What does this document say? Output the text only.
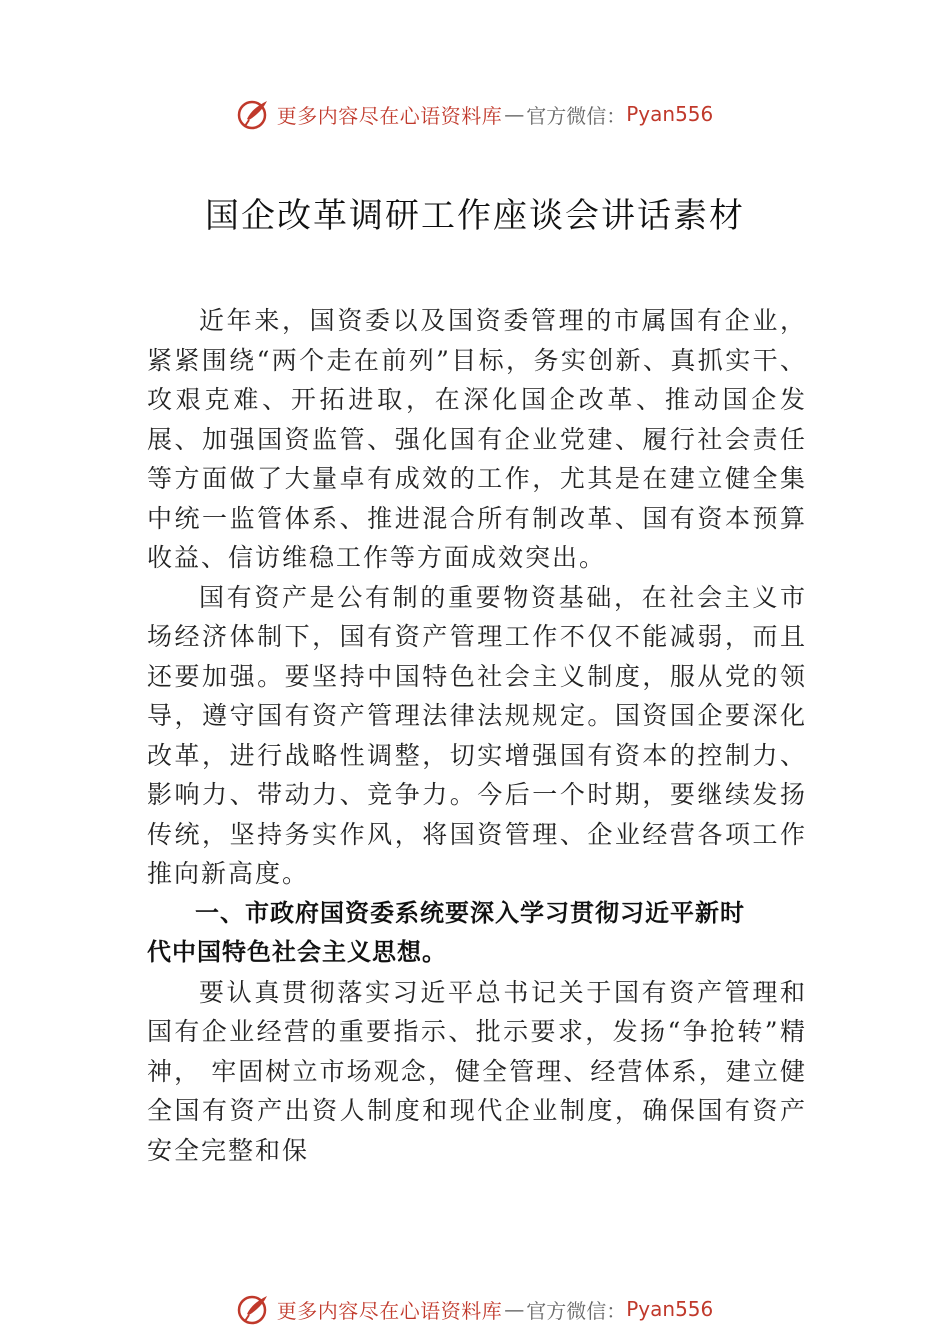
更多内容尽在心语资料库 — 官方微信： Pyan556
国企改革调研工作座谈会讲话素材

近年来，国资委以及国资委管理的市属国有企业，紧紧围绕“两个走在前列”目标，务实创新、真抓实干、攻艰克难、开拓进取，在深化国企改革、推动国企发展、加强国资监管、强化国有企业党建、履行社会责任等方面做了大量卓有成效的工作，尤其是在建立健全集中统一监管体系、推进混合所有制改革、国有资本预算收益、信访维稳工作等方面成效突出。

国有资产是公有制的重要物资基础，在社会主义市场经济体制下，国有资产管理工作不仅不能减弱，而且还要加强。要坚持中国特色社会主义制度，服从党的领导，遵守国有资产管理法律法规规定。国资国企要深化改革，进行战略性调整，切实增强国有资本的控制力、影响力、带动力、竞争力。今后一个时期，要继续发扬传统，坚持务实作风，将国资管理、企业经营各项工作推向新高度。

一、市政府国资委系统要深入学习贯彻习近平新时代中国特色社会主义思想。

要认真贯彻落实习近平总书记关于国有资产管理和国有企业经营的重要指示、批示要求，发扬“争抢转”精神， 牢固树立市场观念，健全管理、经营体系，建立健全国有资产出资人制度和现代企业制度，确保国有资产安全完整和保

更多内容尽在心语资料库 — 官方微信： Pyan556
